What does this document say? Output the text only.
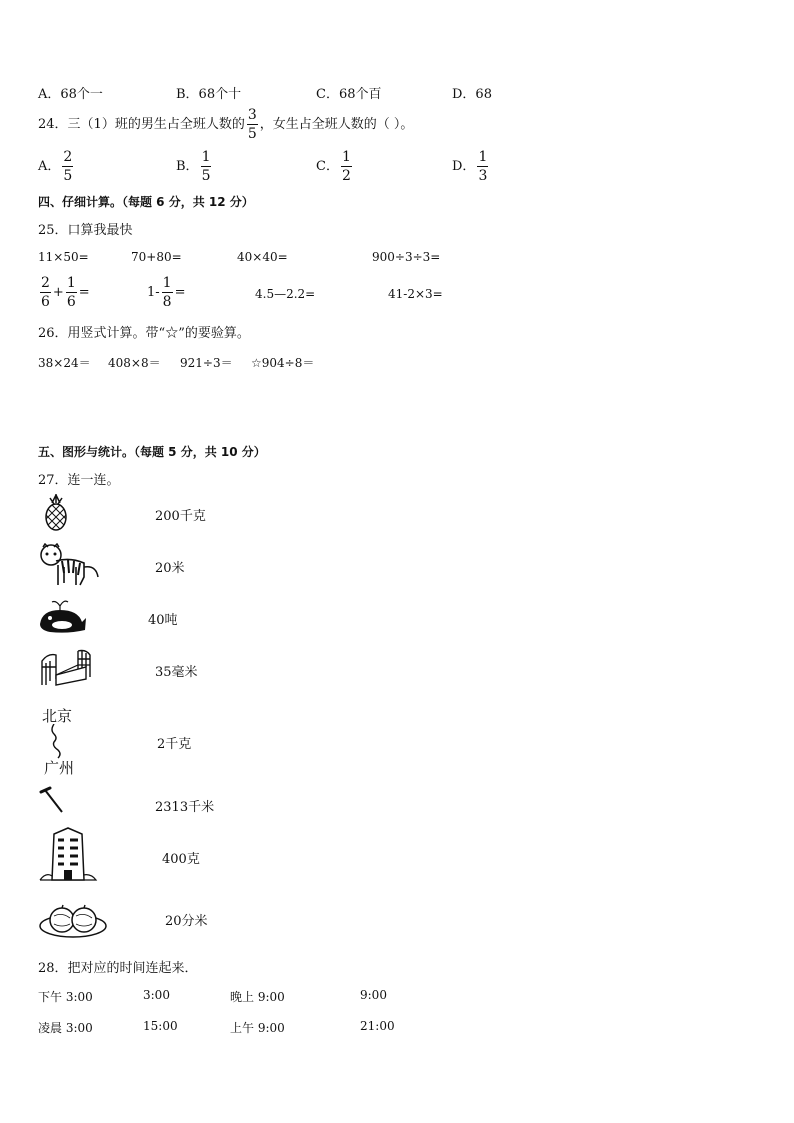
A．68个一	B．68个十	C．68个百	D．68
24．三（1）班的男生占全班人数的 $\frac{3}{5}$ ，女生占全班人数的（ ）。
A． $\frac{2}{5}$	B． $\frac{1}{5}$	C． $\frac{1}{2}$	D． $\frac{1}{3}$
四、仔细计算。（每题 6 分，共 12 分）
25．口算我最快
11×50=	70+80=	40×40=	900÷3÷3=
$\frac{2}{6} + \frac{1}{6}$ =	$1- \frac{1}{8}$ =	4.5—2.2=	41-2×3=
26．用竖式计算。带“☆”的要验算。
38×24＝ 408×8＝ 921÷3＝ ☆904÷8＝
五、图形与统计。（每题 5 分，共 10 分）
27．连一连。
200千克
20米
40吨
35毫米
北京
广州
2千克
2313千米
400克
20分米
28．把对应的时间连起来．
下午 3:00	3:00	晚上 9:00	9:00
凌晨 3:00	15:00	上午 9:00	21:00
